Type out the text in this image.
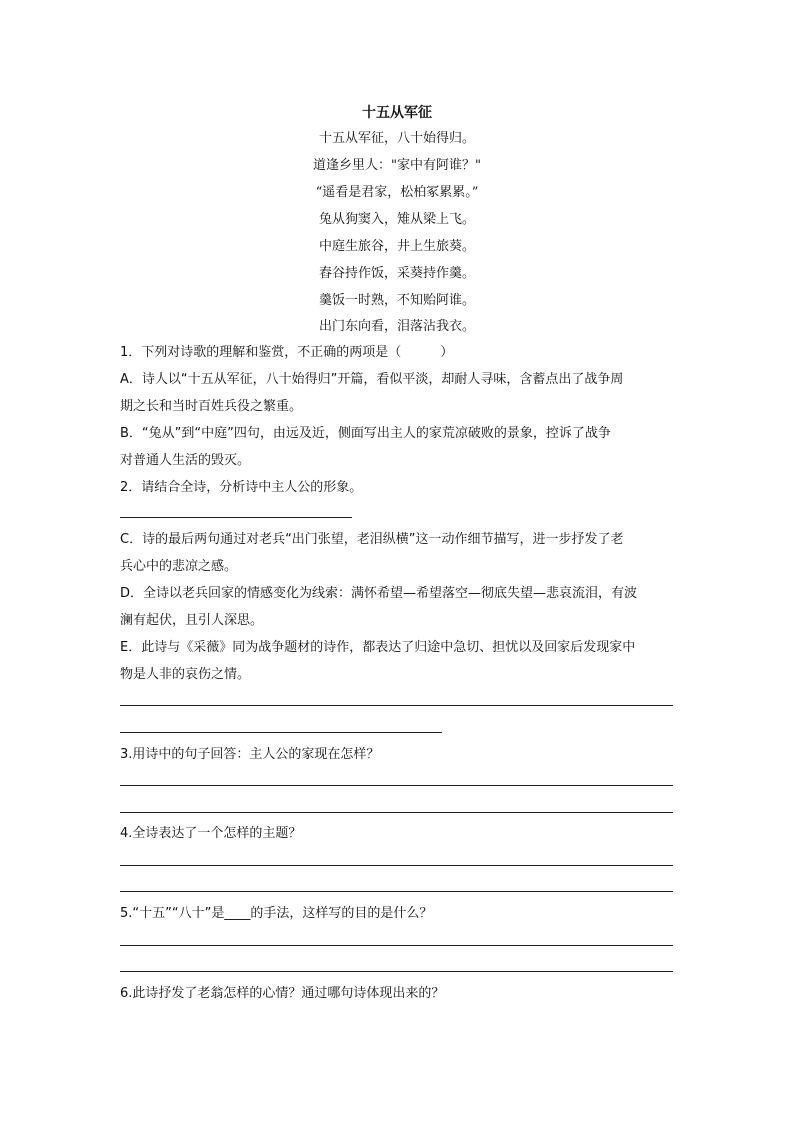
十五从军征
十五从军征，八十始得归。
道逢乡里人："家中有阿谁？"
“遥看是君家，松柏冢累累。”
兔从狗窦入，雉从梁上飞。
中庭生旅谷，井上生旅葵。
舂谷持作饭，采葵持作羹。
羹饭一时熟，不知贻阿谁。
出门东向看，泪落沾我衣。
1．下列对诗歌的理解和鉴赏，不正确的两项是（　　　）
A．诗人以“十五从军征，八十始得归”开篇，看似平淡，却耐人寻味，含蓄点出了战争周
期之长和当时百姓兵役之繁重。
B．“兔从”到“中庭”四句，由远及近，侧面写出主人的家荒凉破败的景象，控诉了战争
对普通人生活的毁灭。
2．请结合全诗，分析诗中主人公的形象。
C．诗的最后两句通过对老兵“出门张望，老泪纵横”这一动作细节描写，进一步抒发了老
兵心中的悲凉之感。
D．全诗以老兵回家的情感变化为线索：满怀希望—希望落空—彻底失望—悲哀流泪，有波
澜有起伏，且引人深思。
E．此诗与《采薇》同为战争题材的诗作，都表达了归途中急切、担忧以及回家后发现家中
物是人非的哀伤之情。
3.用诗中的句子回答：主人公的家现在怎样？
4.全诗表达了一个怎样的主题？
5.“十五”“八十”是____的手法，这样写的目的是什么？
6.此诗抒发了老翁怎样的心情？通过哪句诗体现出来的？
